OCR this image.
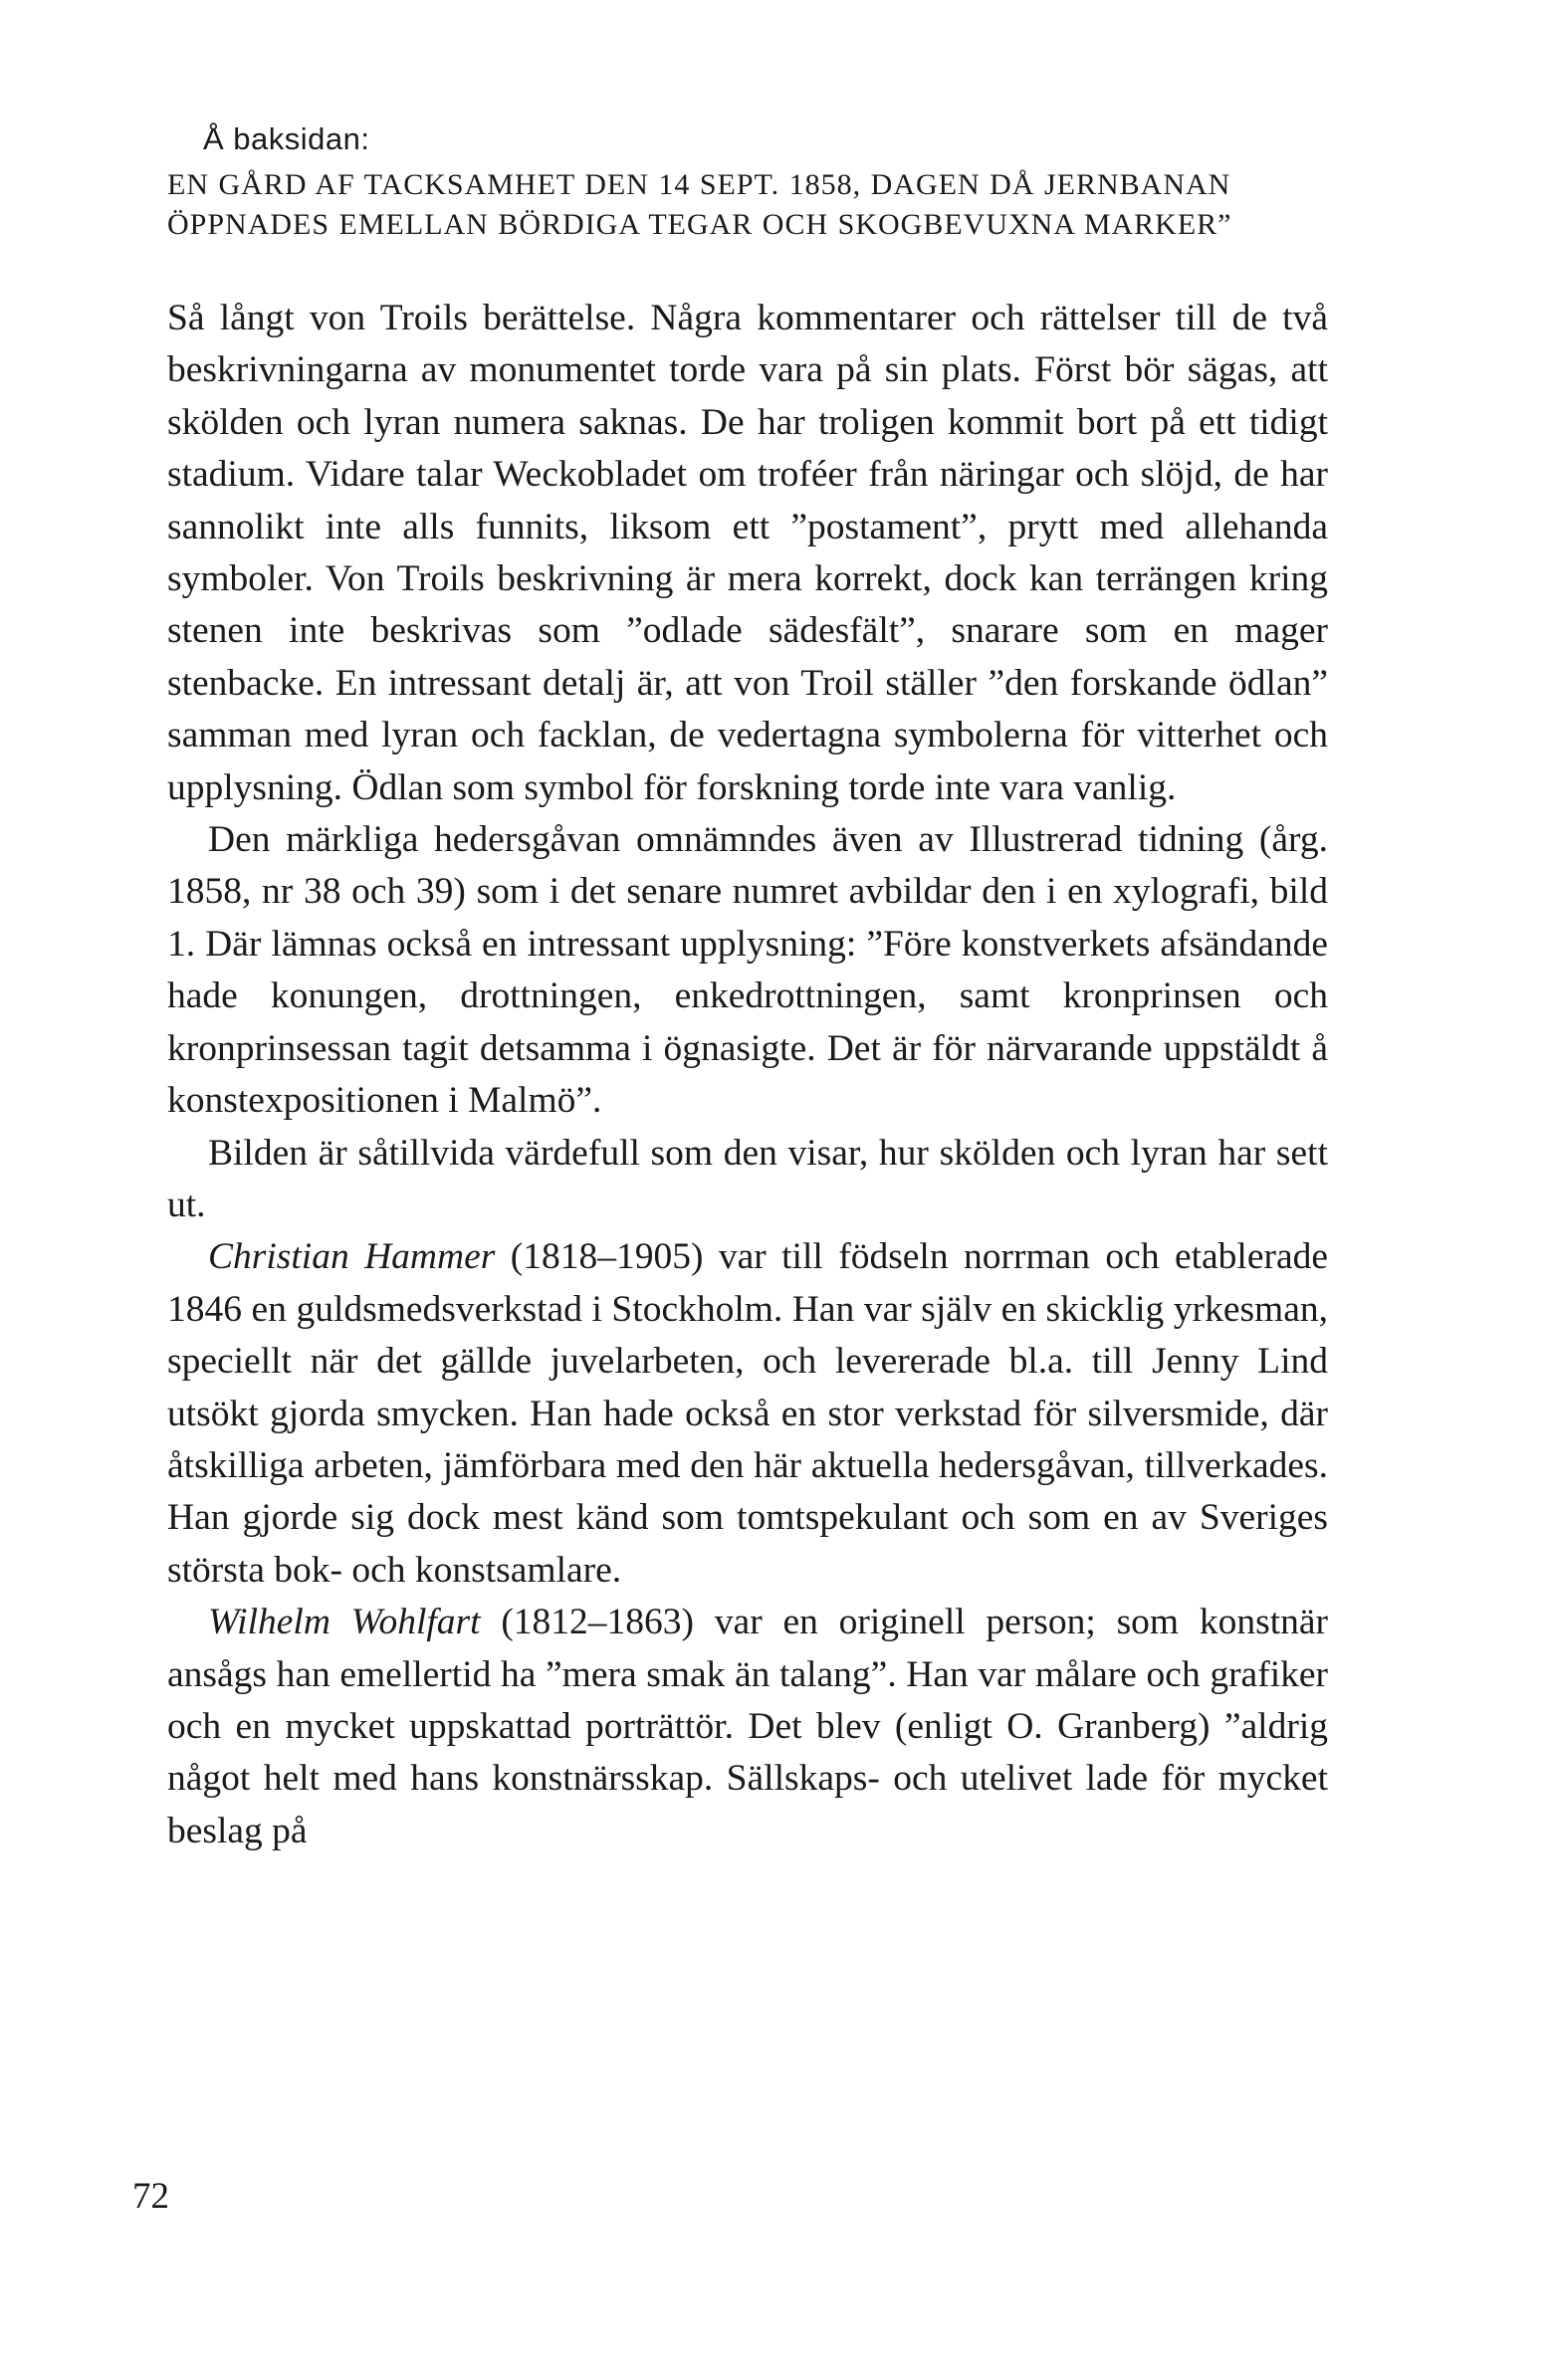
Å baksidan:

EN GÅRD AF TACKSAMHET DEN 14 SEPT. 1858, DAGEN DÅ JERNBANAN ÖPPNADES EMELLAN BÖRDIGA TEGAR OCH SKOGBEVUXNA MARKER”

Så långt von Troils berättelse. Några kommentarer och rättelser till de två beskrivningarna av monumentet torde vara på sin plats. Först bör sägas, att skölden och lyran numera saknas. De har troligen kommit bort på ett tidigt stadium. Vidare talar Weckobladet om troféer från näringar och slöjd, de har sannolikt inte alls funnits, liksom ett ”postament”, prytt med allehanda symboler. Von Troils beskrivning är mera korrekt, dock kan terrängen kring stenen inte beskrivas som ”odlade sädesfält”, snarare som en mager stenbacke. En intressant detalj är, att von Troil ställer ”den forskande ödlan” samman med lyran och facklan, de vedertagna symbolerna för vitterhet och upplysning. Ödlan som symbol för forskning torde inte vara vanlig.

Den märkliga hedersgåvan omnämndes även av Illustrerad tidning (årg. 1858, nr 38 och 39) som i det senare numret avbildar den i en xylografi, bild 1. Där lämnas också en intressant upplysning: ”Före konstverkets afsändande hade konungen, drottningen, enkedrottningen, samt kronprinsen och kronprinsessan tagit detsamma i ögnasigte. Det är för närvarande uppstäldt å konstexpositionen i Malmö”.

Bilden är såtillvida värdefull som den visar, hur skölden och lyran har sett ut.

Christian Hammer (1818–1905) var till födseln norrman och etablerade 1846 en guldsmedsverkstad i Stockholm. Han var själv en skicklig yrkesman, speciellt när det gällde juvelarbeten, och levererade bl.a. till Jenny Lind utsökt gjorda smycken. Han hade också en stor verkstad för silversmide, där åtskilliga arbeten, jämförbara med den här aktuella hedersgåvan, tillverkades. Han gjorde sig dock mest känd som tomtspekulant och som en av Sveriges största bok- och konstsamlare.

Wilhelm Wohlfart (1812–1863) var en originell person; som konstnär ansågs han emellertid ha ”mera smak än talang”. Han var målare och grafiker och en mycket uppskattad porträttör. Det blev (enligt O. Granberg) ”aldrig något helt med hans konstnärsskap. Sällskaps- och utelivet lade för mycket beslag på

72
